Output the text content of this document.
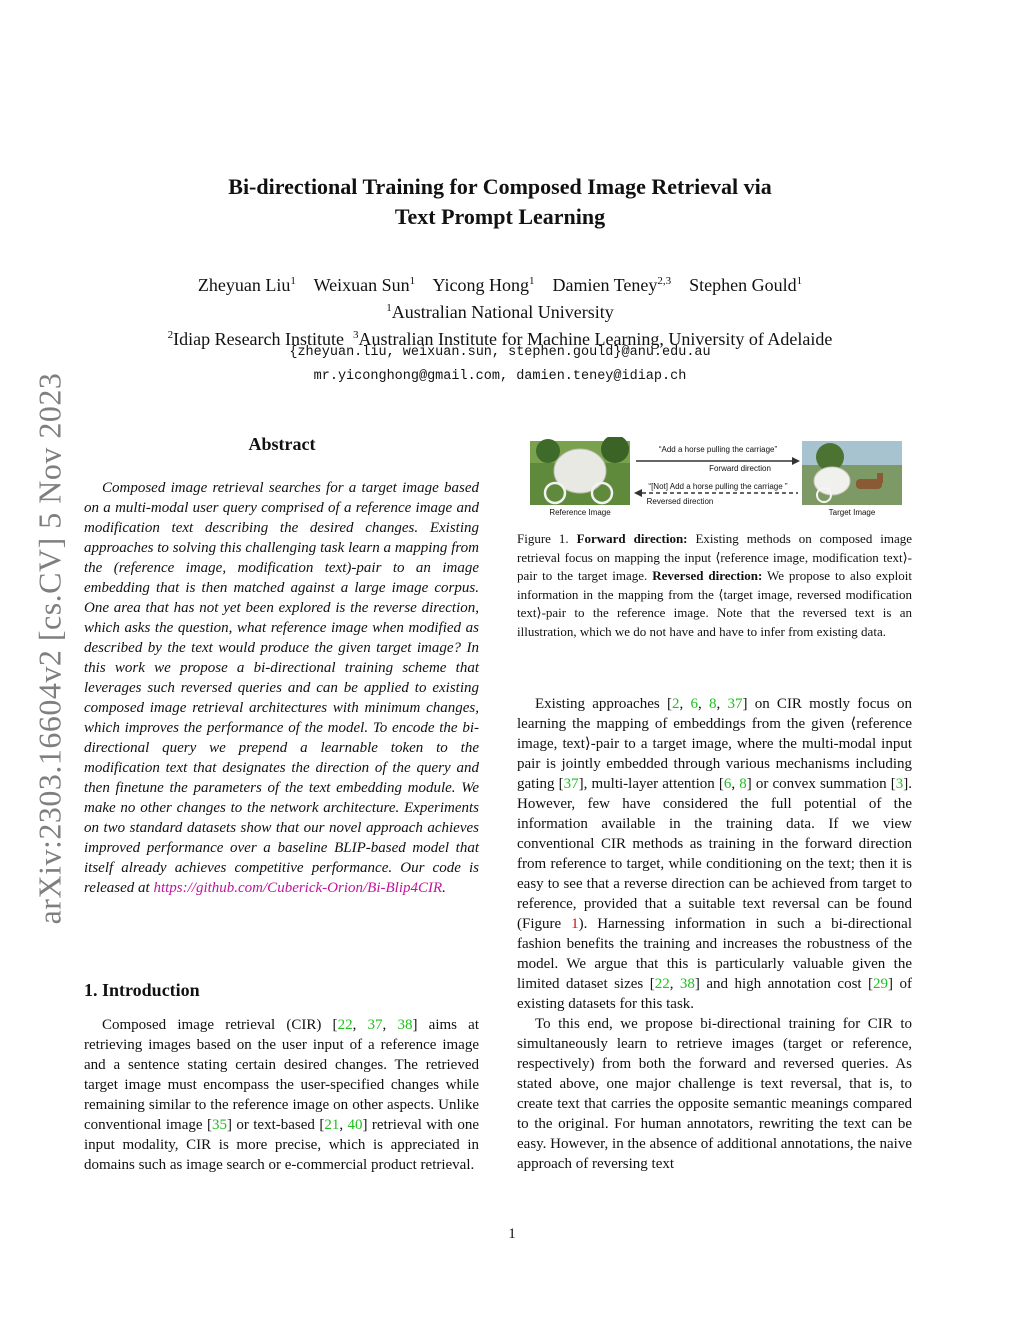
arXiv:2303.16604v2 [cs.CV] 5 Nov 2023
Bi-directional Training for Composed Image Retrieval via
Text Prompt Learning
Zheyuan Liu$^1$ Weixuan Sun$^1$ Yicong Hong$^1$ Damien Teney$^{2,3}$ Stephen Gould$^1$
$^1$Australian National University
$^2$Idiap Research Institute $^3$Australian Institute for Machine Learning, University of Adelaide
{zheyuan.liu, weixuan.sun, stephen.gould}@anu.edu.au
mr.yiconghong@gmail.com, damien.teney@idiap.ch
Abstract

Composed image retrieval searches for a target image based on a multi-modal user query comprised of a reference image and modification text describing the desired changes. Existing approaches to solving this challenging task learn a mapping from the (reference image, modification text)-pair to an image embedding that is then matched against a large image corpus. One area that has not yet been explored is the reverse direction, which asks the question, what reference image when modified as described by the text would produce the given target image? In this work we propose a bi-directional training scheme that leverages such reversed queries and can be applied to existing composed image retrieval architectures with minimum changes, which improves the performance of the model. To encode the bi-directional query we prepend a learnable token to the modification text that designates the direction of the query and then finetune the parameters of the text embedding module. We make no other changes to the network architecture. Experiments on two standard datasets show that our novel approach achieves improved performance over a baseline BLIP-based model that itself already achieves competitive performance. Our code is released at https://github.com/Cuberick-Orion/Bi-Blip4CIR.

1. Introduction

Composed image retrieval (CIR) [22, 37, 38] aims at retrieving images based on the user input of a reference image and a sentence stating certain desired changes. The retrieved target image must encompass the user-specified changes while remaining similar to the reference image on other aspects. Unlike conventional image [35] or text-based [21, 40] retrieval with one input modality, CIR is more precise, which is appreciated in domains such as image search or e-commercial product retrieval.

“Add a horse pulling the carriage”
Forward direction
“[Not] Add a horse pulling the carriage ”
Reversed direction
Reference Image	Target Image
Figure 1. Forward direction: Existing methods on composed image retrieval focus on mapping the input ⟨reference image, modification text⟩-pair to the target image. Reversed direction: We propose to also exploit information in the mapping from the ⟨target image, reversed modification text⟩-pair to the reference image. Note that the reversed text is an illustration, which we do not have and have to infer from existing data.

Existing approaches [2, 6, 8, 37] on CIR mostly focus on learning the mapping of embeddings from the given ⟨reference image, text⟩-pair to a target image, where the multi-modal input pair is jointly embedded through various mechanisms including gating [37], multi-layer attention [6, 8] or convex summation [3]. However, few have considered the full potential of the information available in the training data. If we view conventional CIR methods as training in the forward direction from reference to target, while conditioning on the text; then it is easy to see that a reverse direction can be achieved from target to reference, provided that a suitable text reversal can be found (Figure 1). Harnessing information in such a bi-directional fashion benefits the training and increases the robustness of the model. We argue that this is particularly valuable given the limited dataset sizes [22, 38] and high annotation cost [29] of existing datasets for this task.

To this end, we propose bi-directional training for CIR to simultaneously learn to retrieve images (target or reference, respectively) from both the forward and reversed queries. As stated above, one major challenge is text reversal, that is, to create text that carries the opposite semantic meanings compared to the original. For human annotators, rewriting the text can be easy. However, in the absence of additional annotations, the naive approach of reversing text

1
